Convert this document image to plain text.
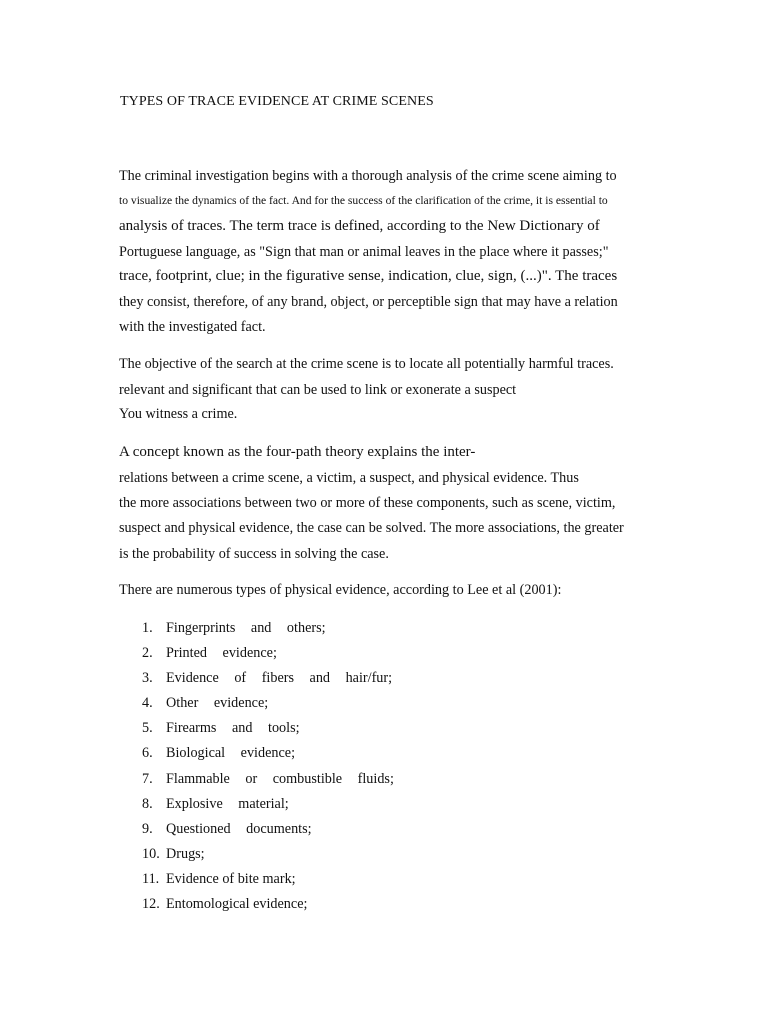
TYPES OF TRACE EVIDENCE AT CRIME SCENES
The criminal investigation begins with a thorough analysis of the crime scene aiming to
to visualize the dynamics of the fact. And for the success of the clarification of the crime, it is essential to
analysis of traces. The term trace is defined, according to the New Dictionary of
Portuguese language, as "Sign that man or animal leaves in the place where it passes;"
trace, footprint, clue; in the figurative sense, indication, clue, sign, (...)". The traces
they consist, therefore, of any brand, object, or perceptible sign that may have a relation
with the investigated fact.
The objective of the search at the crime scene is to locate all potentially harmful traces.
relevant and significant that can be used to link or exonerate a suspect
You witness a crime.
A concept known as the four-path theory explains the inter-
relations between a crime scene, a victim, a suspect, and physical evidence. Thus
the more associations between two or more of these components, such as scene, victim,
suspect and physical evidence, the case can be solved. The more associations, the greater
is the probability of success in solving the case.
There are numerous types of physical evidence, according to Lee et al (2001):
1. Fingerprints and others;
2. Printed evidence;
3. Evidence of fibers and hair/fur;
4. Other evidence;
5. Firearms and tools;
6. Biological evidence;
7. Flammable or combustible fluids;
8. Explosive material;
9. Questioned documents;
10. Drugs;
11. Evidence of bite mark;
12. Entomological evidence;
